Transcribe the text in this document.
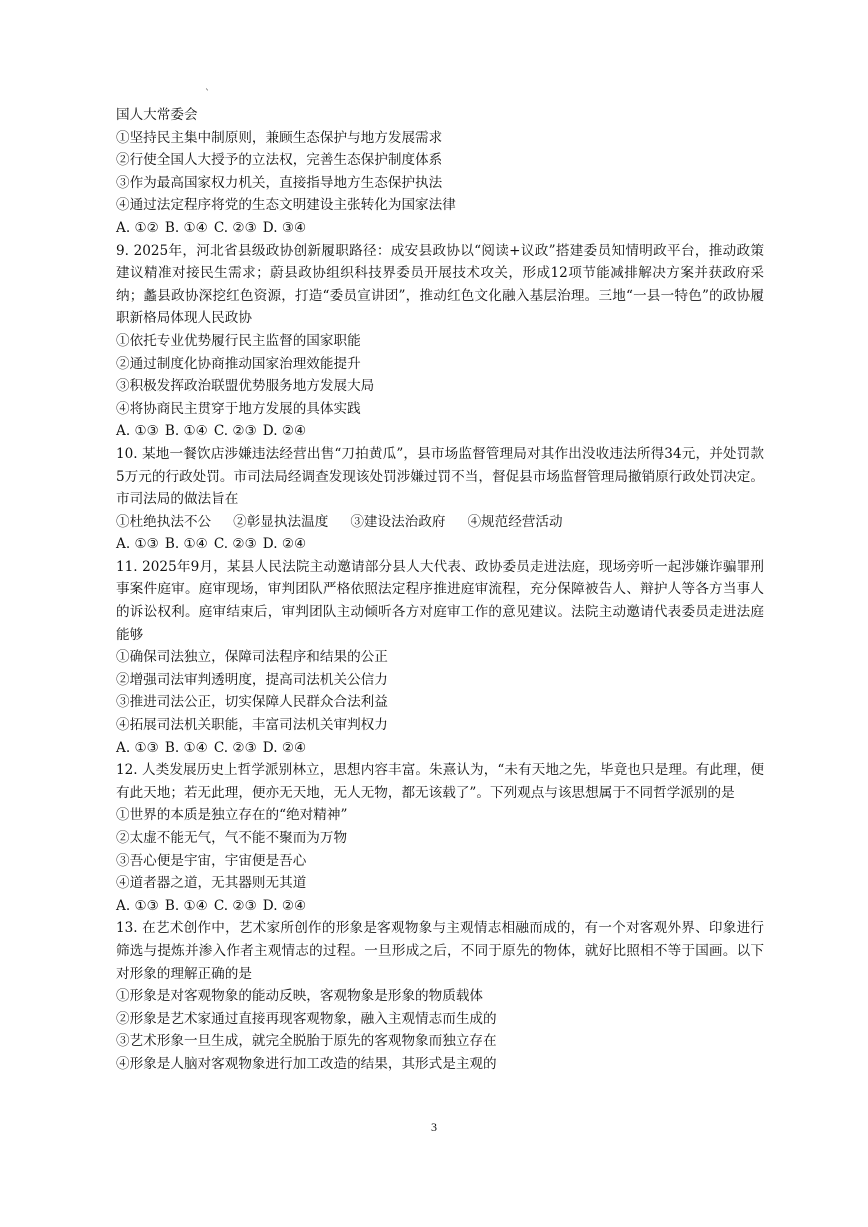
`

国人大常委会

①坚持民主集中制原则，兼顾生态保护与地方发展需求

②行使全国人大授予的立法权，完善生态保护制度体系

③作为最高国家权力机关，直接指导地方生态保护执法

④通过法定程序将党的生态文明建设主张转化为国家法律

A. ①② B. ①④ C. ②③ D. ③④

9. 2025年，河北省县级政协创新履职路径：成安县政协以“阅读+议政”搭建委员知情明政平台，推动政策建议精准对接民生需求；蔚县政协组织科技界委员开展技术攻关，形成12项节能减排解决方案并获政府采纳；蠡县政协深挖红色资源，打造“委员宣讲团”，推动红色文化融入基层治理。三地“一县一特色”的政协履职新格局体现人民政协

①依托专业优势履行民主监督的国家职能

②通过制度化协商推动国家治理效能提升

③积极发挥政治联盟优势服务地方发展大局

④将协商民主贯穿于地方发展的具体实践

A. ①③ B. ①④ C. ②③ D. ②④

10. 某地一餐饮店涉嫌违法经营出售“刀拍黄瓜”，县市场监督管理局对其作出没收违法所得34元，并处罚款5万元的行政处罚。市司法局经调查发现该处罚涉嫌过罚不当，督促县市场监督管理局撤销原行政处罚决定。市司法局的做法旨在

①杜绝执法不公 ②彰显执法温度 ③建设法治政府 ④规范经营活动
A. ①③ B. ①④ C. ②③ D. ②④

11. 2025年9月，某县人民法院主动邀请部分县人大代表、政协委员走进法庭，现场旁听一起涉嫌诈骗罪刑事案件庭审。庭审现场，审判团队严格依照法定程序推进庭审流程，充分保障被告人、辩护人等各方当事人的诉讼权利。庭审结束后，审判团队主动倾听各方对庭审工作的意见建议。法院主动邀请代表委员走进法庭能够

①确保司法独立，保障司法程序和结果的公正

②增强司法审判透明度，提高司法机关公信力

③推进司法公正，切实保障人民群众合法利益

④拓展司法机关职能，丰富司法机关审判权力

A. ①③ B. ①④ C. ②③ D. ②④

12. 人类发展历史上哲学派别林立，思想内容丰富。朱熹认为，“未有天地之先，毕竟也只是理。有此理，便有此天地；若无此理，便亦无天地，无人无物，都无该载了”。下列观点与该思想属于不同哲学派别的是

①世界的本质是独立存在的“绝对精神”

②太虚不能无气，气不能不聚而为万物

③吾心便是宇宙，宇宙便是吾心

④道者器之道，无其器则无其道

A. ①③ B. ①④ C. ②③ D. ②④

13. 在艺术创作中，艺术家所创作的形象是客观物象与主观情志相融而成的，有一个对客观外界、印象进行筛选与提炼并渗入作者主观情志的过程。一旦形成之后，不同于原先的物体，就好比照相不等于国画。以下对形象的理解正确的是

①形象是对客观物象的能动反映，客观物象是形象的物质载体

②形象是艺术家通过直接再现客观物象，融入主观情志而生成的

③艺术形象一旦生成，就完全脱胎于原先的客观物象而独立存在

④形象是人脑对客观物象进行加工改造的结果，其形式是主观的

3
